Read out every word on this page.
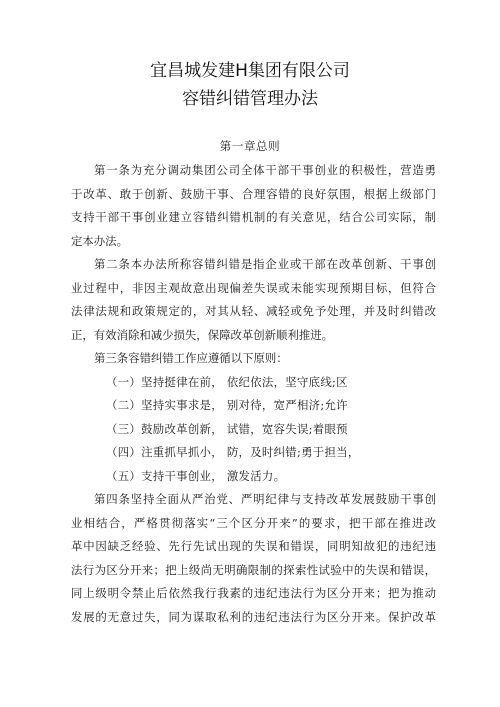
宜昌城发建H集团有限公司
容错纠错管理办法
第一章总则
第一条为充分调动集团公司全体干部干事创业的积极性，营造勇
于改革、敢于创新、鼓励干事、合理容错的良好氛围，根据上级部门
支持干部干事创业建立容错纠错机制的有关意见，结合公司实际，制
定本办法。
第二条本办法所称容错纠错是指企业或干部在改革创新、干事创
业过程中，非因主观故意出现偏差失误或未能实现预期目标，但符合
法律法规和政策规定的，对其从轻、减轻或免予处理，并及时纠错改
正，有效消除和减少损失，保障改革创新顺利推进。
第三条容错纠错工作应遵循以下原则：
（一）坚持挺律在前， 依纪依法，坚守底线;区
（二）坚持实事求是， 别对待，宽严相济;允许
（三）鼓励改革创新， 试错，宽容失误;着眼预
（四）注重抓早抓小， 防，及时纠错;勇于担当，
（五）支持干事创业， 激发活力。
第四条坚持全面从严治党、严明纪律与支持改革发展鼓励干事创
业相结合，严格贯彻落实“三个区分开来”的要求，把干部在推进改
革中因缺乏经验、先行先试出现的失误和错误，同明知故犯的违纪违
法行为区分开来；把上级尚无明确限制的探索性试验中的失误和错误，
同上级明令禁止后依然我行我素的违纪违法行为区分开来；把为推动
发展的无意过失，同为谋取私利的违纪违法行为区分开来。保护改革
